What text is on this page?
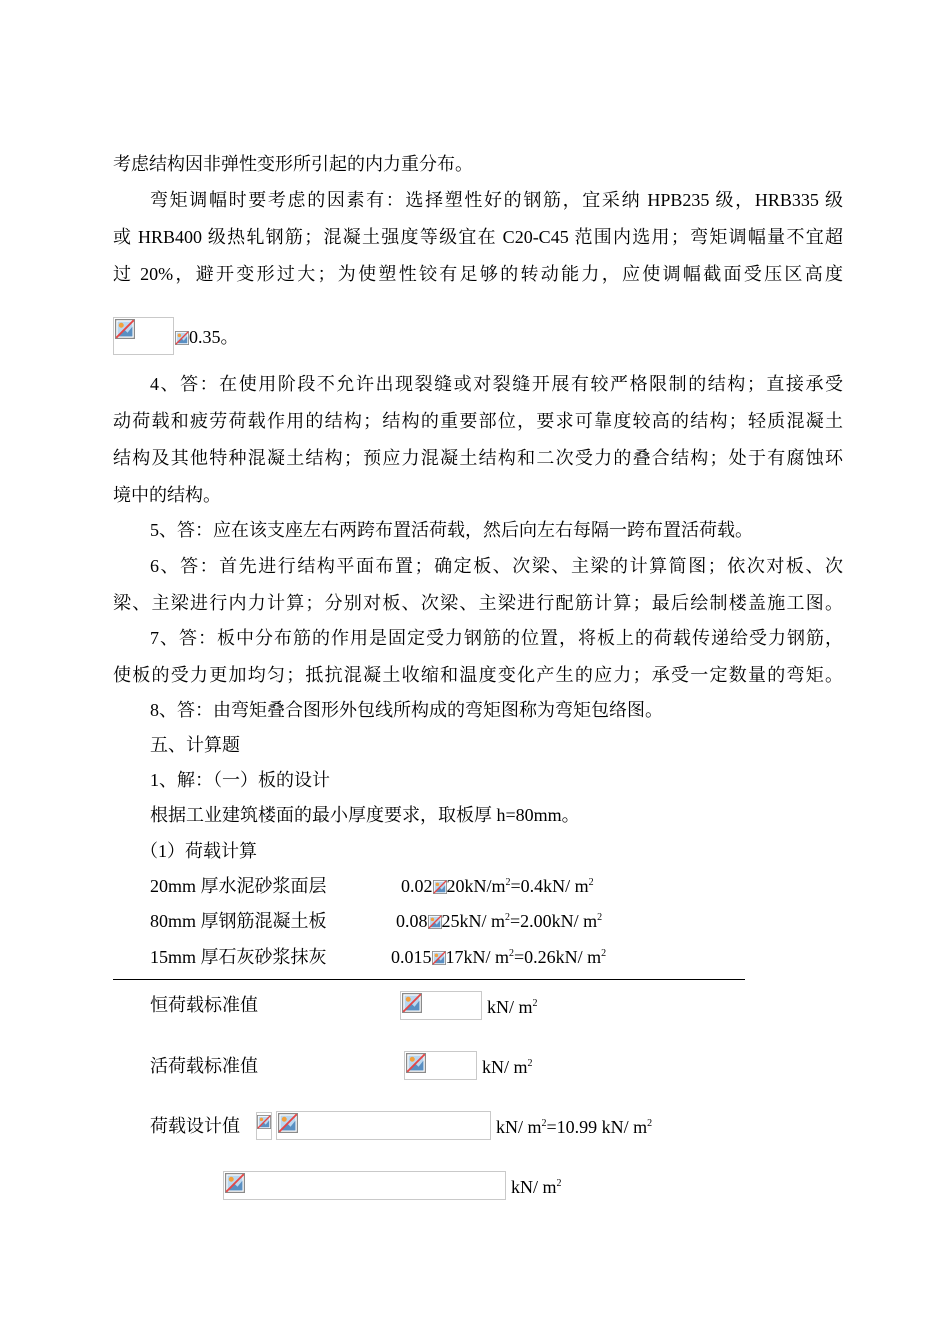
考虑结构因非弹性变形所引起的内力重分布。
弯矩调幅时要考虑的因素有：选择塑性好的钢筋，宜采纳 HPB235 级，HRB335 级
或 HRB400 级热轧钢筋；混凝土强度等级宜在 C20-C45 范围内选用；弯矩调幅量不宜超
过 20%，避开变形过大；为使塑性铰有足够的转动能力，应使调幅截面受压区高度
0.35。
4、答：在使用阶段不允许出现裂缝或对裂缝开展有较严格限制的结构；直接承受
动荷载和疲劳荷载作用的结构；结构的重要部位，要求可靠度较高的结构；轻质混凝土
结构及其他特种混凝土结构；预应力混凝土结构和二次受力的叠合结构；处于有腐蚀环
境中的结构。
5、答：应在该支座左右两跨布置活荷载，然后向左右每隔一跨布置活荷载。
6、答：首先进行结构平面布置；确定板、次梁、主梁的计算简图；依次对板、次
梁、主梁进行内力计算；分别对板、次梁、主梁进行配筋计算；最后绘制楼盖施工图。
7、答：板中分布筋的作用是固定受力钢筋的位置，将板上的荷载传递给受力钢筋，
使板的受力更加均匀；抵抗混凝土收缩和温度变化产生的应力；承受一定数量的弯矩。
8、答：由弯矩叠合图形外包线所构成的弯矩图称为弯矩包络图。
五、计算题
1、解：（一）板的设计
根据工业建筑楼面的最小厚度要求，取板厚 h=80mm。
（1）荷载计算
20mm 厚水泥砂浆面层	0.02 $20kN/m^2=0.4kN/$ $m^2$
80mm 厚钢筋混凝土板	0.08 25kN/ $m^2=2.00kN/$ $m^2$
15mm 厚石灰砂浆抹灰	0.015 17kN/ $m^2=0.26kN/$ $m^2$
恒荷载标准值	kN/ $m^2$
活荷载标准值	kN/ $m^2$
荷载设计值	kN/ $m^2=10.99$ kN/ $m^2$
kN/ $m^2$
